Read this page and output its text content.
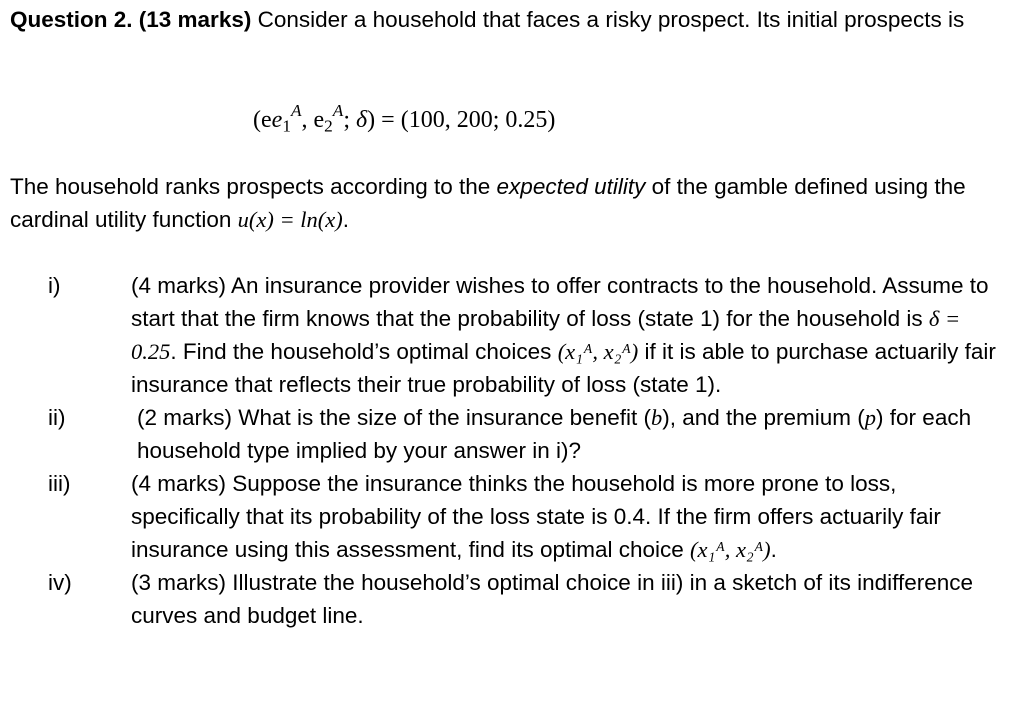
Question 2. (13 marks) Consider a household that faces a risky prospect. Its initial prospects is

($ee_1^A$, $e_2^A$; δ) = (100, 200; 0.25)

The household ranks prospects according to the expected utility of the gamble defined using the cardinal utility function u(x) = ln(x).

i)	(4 marks) An insurance provider wishes to offer contracts to the household. Assume to start that the firm knows that the probability of loss (state 1) for the household is δ = 0.25. Find the household’s optimal choices (x₁ᴬ, x₂ᴬ) if it is able to purchase actuarily fair insurance that reflects their true probability of loss (state 1).
ii)	(2 marks) What is the size of the insurance benefit (b), and the premium (p) for each household type implied by your answer in i)?
iii)	(4 marks) Suppose the insurance thinks the household is more prone to loss, specifically that its probability of the loss state is 0.4. If the firm offers actuarily fair insurance using this assessment, find its optimal choice (x₁ᴬ, x₂ᴬ).
iv)	(3 marks) Illustrate the household’s optimal choice in iii) in a sketch of its indifference curves and budget line.
